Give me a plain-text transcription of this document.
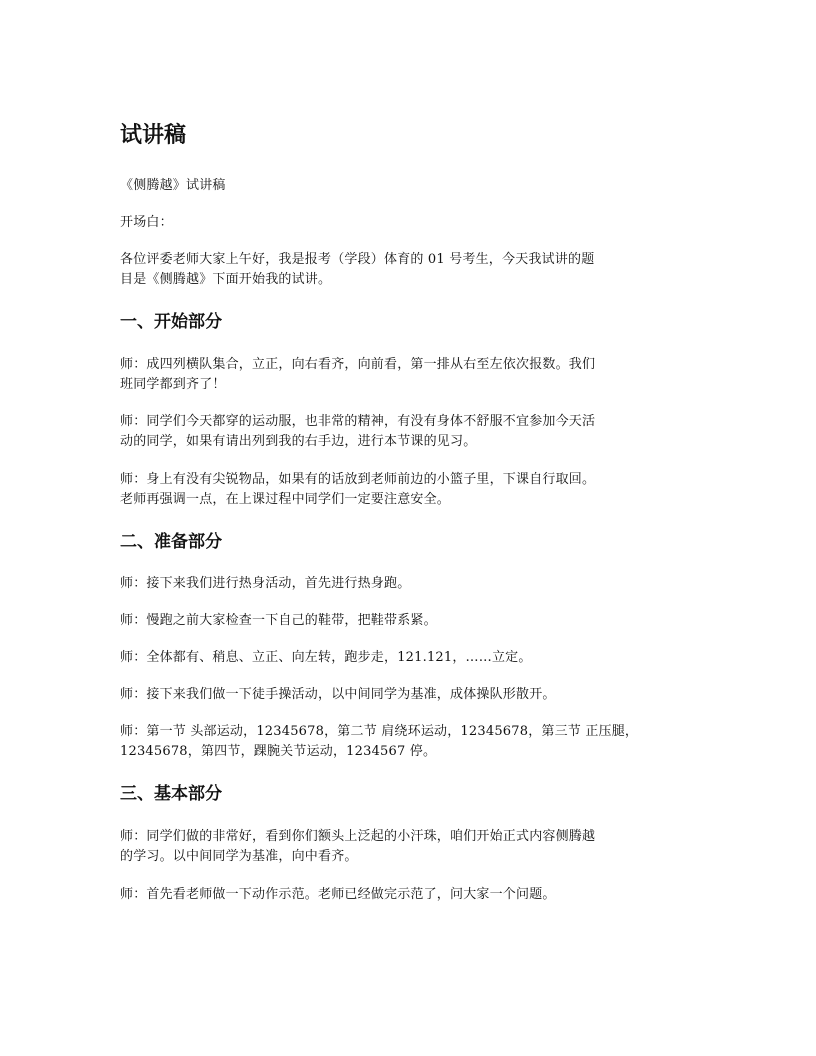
试讲稿

《侧腾越》试讲稿

开场白：

各位评委老师大家上午好，我是报考（学段）体育的 01 号考生，今天我试讲的题
目是《侧腾越》下面开始我的试讲。
一、开始部分
师：成四列横队集合，立正，向右看齐，向前看，第一排从右至左依次报数。我们
班同学都到齐了！
师：同学们今天都穿的运动服，也非常的精神，有没有身体不舒服不宜参加今天活
动的同学，如果有请出列到我的右手边，进行本节课的见习。
师：身上有没有尖锐物品，如果有的话放到老师前边的小篮子里，下课自行取回。
老师再强调一点，在上课过程中同学们一定要注意安全。
二、准备部分

师：接下来我们进行热身活动，首先进行热身跑。

师：慢跑之前大家检查一下自己的鞋带，把鞋带系紧。

师：全体都有、稍息、立正、向左转，跑步走，121.121，……立定。

师：接下来我们做一下徒手操活动，以中间同学为基准，成体操队形散开。

师：第一节 头部运动，12345678，第二节 肩绕环运动，12345678，第三节 正压腿，
12345678，第四节，踝腕关节运动，1234567 停。
三、基本部分
师：同学们做的非常好，看到你们额头上泛起的小汗珠，咱们开始正式内容侧腾越
的学习。以中间同学为基准，向中看齐。

师：首先看老师做一下动作示范。老师已经做完示范了，问大家一个问题。
